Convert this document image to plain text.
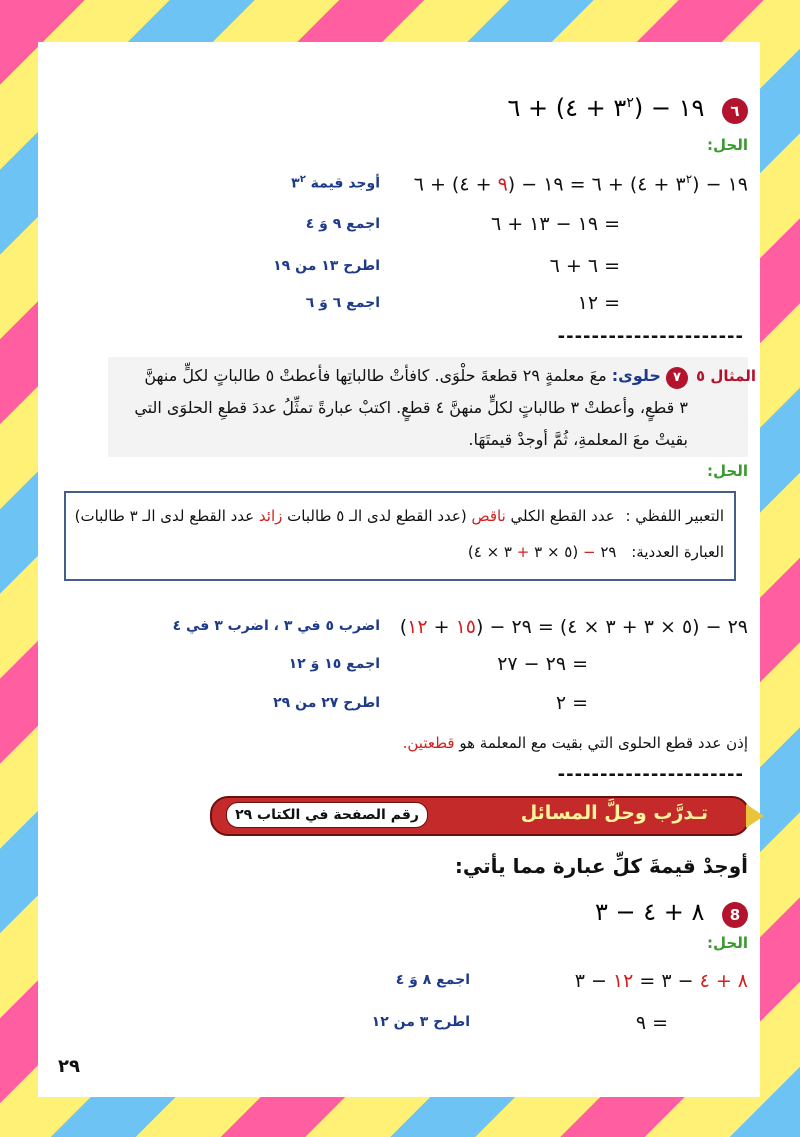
٦ ١٩ − ($٣^٢$ + ٤) + ٦
الحل:
١٩ − ($٣^٢$ + ٤) + ٦ = ١٩ − (٩ + ٤) + ٦
أوجد قيمة $٣^٢$
= ١٩ − ١٣ + ٦
اجمع ٩ وَ ٤
= ٦ + ٦
اطرح ١٣ من ١٩
= ١٢
اجمع ٦ وَ ٦
----------------------
المثال ٥
٧ حلوى: معَ معلمةٍ ٢٩ قطعةَ حلْوَى. كافأتْ طالباتِها فأعطتْ ٥ طالباتٍ لكلٍّ منهنَّ
٣ قطعٍ، وأعطتْ ٣ طالباتٍ لكلٍّ منهنَّ ٤ قطعٍ. اكتبْ عبارةً تمثِّلُ عددَ قطعِ الحلوَى التي
بقيتْ معَ المعلمةِ، ثُمَّ أوجدْ قيمتَهَا.
الحل:
التعبير اللفظي : عدد القطع الكلي ناقص (عدد القطع لدى الـ ٥ طالبات زائد عدد القطع لدى الـ ٣ طالبات)
العبارة العددية: ٢٩ − (٥ × ٣ + ٣ × ٤)
٢٩ − (٥ × ٣ + ٣ × ٤) = ٢٩ − (١٥ + ١٢)
اضرب ٥ في ٣ ، اضرب ٣ في ٤
= ٢٩ − ٢٧
اجمع ١٥ وَ ١٢
= ٢
اطرح ٢٧ من ٢٩
إذن عدد قطع الحلوى التي بقيت مع المعلمة هو قطعتين.
----------------------
تـدرَّب وحلَّ المسائل
رقم الصفحة في الكتاب ٢٩
أوجدْ قيمةَ كلِّ عبارة مما يأتي:
8 ٨ + ٤ − ٣
الحل:
٨ + ٤ − ٣ = ١٢ − ٣
اجمع ٨ وَ ٤
= ٩
اطرح ٣ من ١٢
٢٩
